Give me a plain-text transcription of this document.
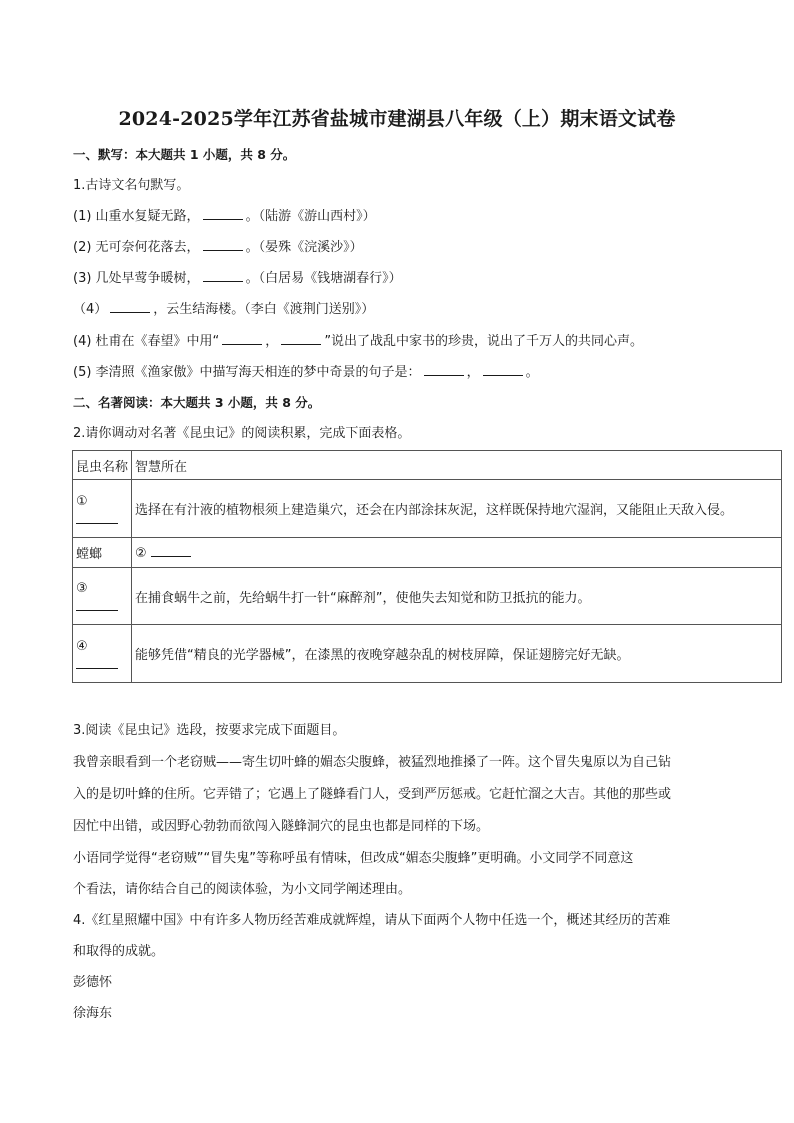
2024-2025学年江苏省盐城市建湖县八年级（上）期末语文试卷
一、默写：本大题共 1 小题，共 8 分。
1.古诗文名句默写。
(1) 山重水复疑无路，	。（陆游《游山西村》）
(2) 无可奈何花落去，	。（晏殊《浣溪沙》）
(3) 几处早莺争暖树，	。（白居易《钱塘湖春行》）
（4）	，云生结海楼。（李白《渡荆门送别》）
(4) 杜甫在《春望》中用“	，	”说出了战乱中家书的珍贵，说出了千万人的共同心声。
(5) 李清照《渔家傲》中描写海天相连的梦中奇景的句子是：	，	。
二、名著阅读：本大题共 3 小题，共 8 分。
2.请你调动对名著《昆虫记》的阅读积累，完成下面表格。
昆虫名称	智慧所在

①	选择在有汁液的植物根须上建造巢穴，还会在内部涂抹灰泥，这样既保持地穴湿润，又能阻止天敌入侵。
螳螂	②

③	在捕食蜗牛之前，先给蜗牛打一针“麻醉剂”，使他失去知觉和防卫抵抗的能力。

④	能够凭借“精良的光学器械”，在漆黑的夜晚穿越杂乱的树枝屏障，保证翅膀完好无缺。
3.阅读《昆虫记》选段，按要求完成下面题目。
我曾亲眼看到一个老窃贼——寄生切叶蜂的媚态尖腹蜂，被猛烈地推搡了一阵。这个冒失鬼原以为自己钻
入的是切叶蜂的住所。它弄错了；它遇上了隧蜂看门人，受到严厉惩戒。它赶忙溜之大吉。其他的那些或
因忙中出错，或因野心勃勃而欲闯入隧蜂洞穴的昆虫也都是同样的下场。
小语同学觉得“老窃贼”“冒失鬼”等称呼虽有情味，但改成“媚态尖腹蜂”更明确。小文同学不同意这
个看法，请你结合自己的阅读体验，为小文同学阐述理由。
4.《红星照耀中国》中有许多人物历经苦难成就辉煌，请从下面两个人物中任选一个，概述其经历的苦难
和取得的成就。
彭德怀
徐海东
